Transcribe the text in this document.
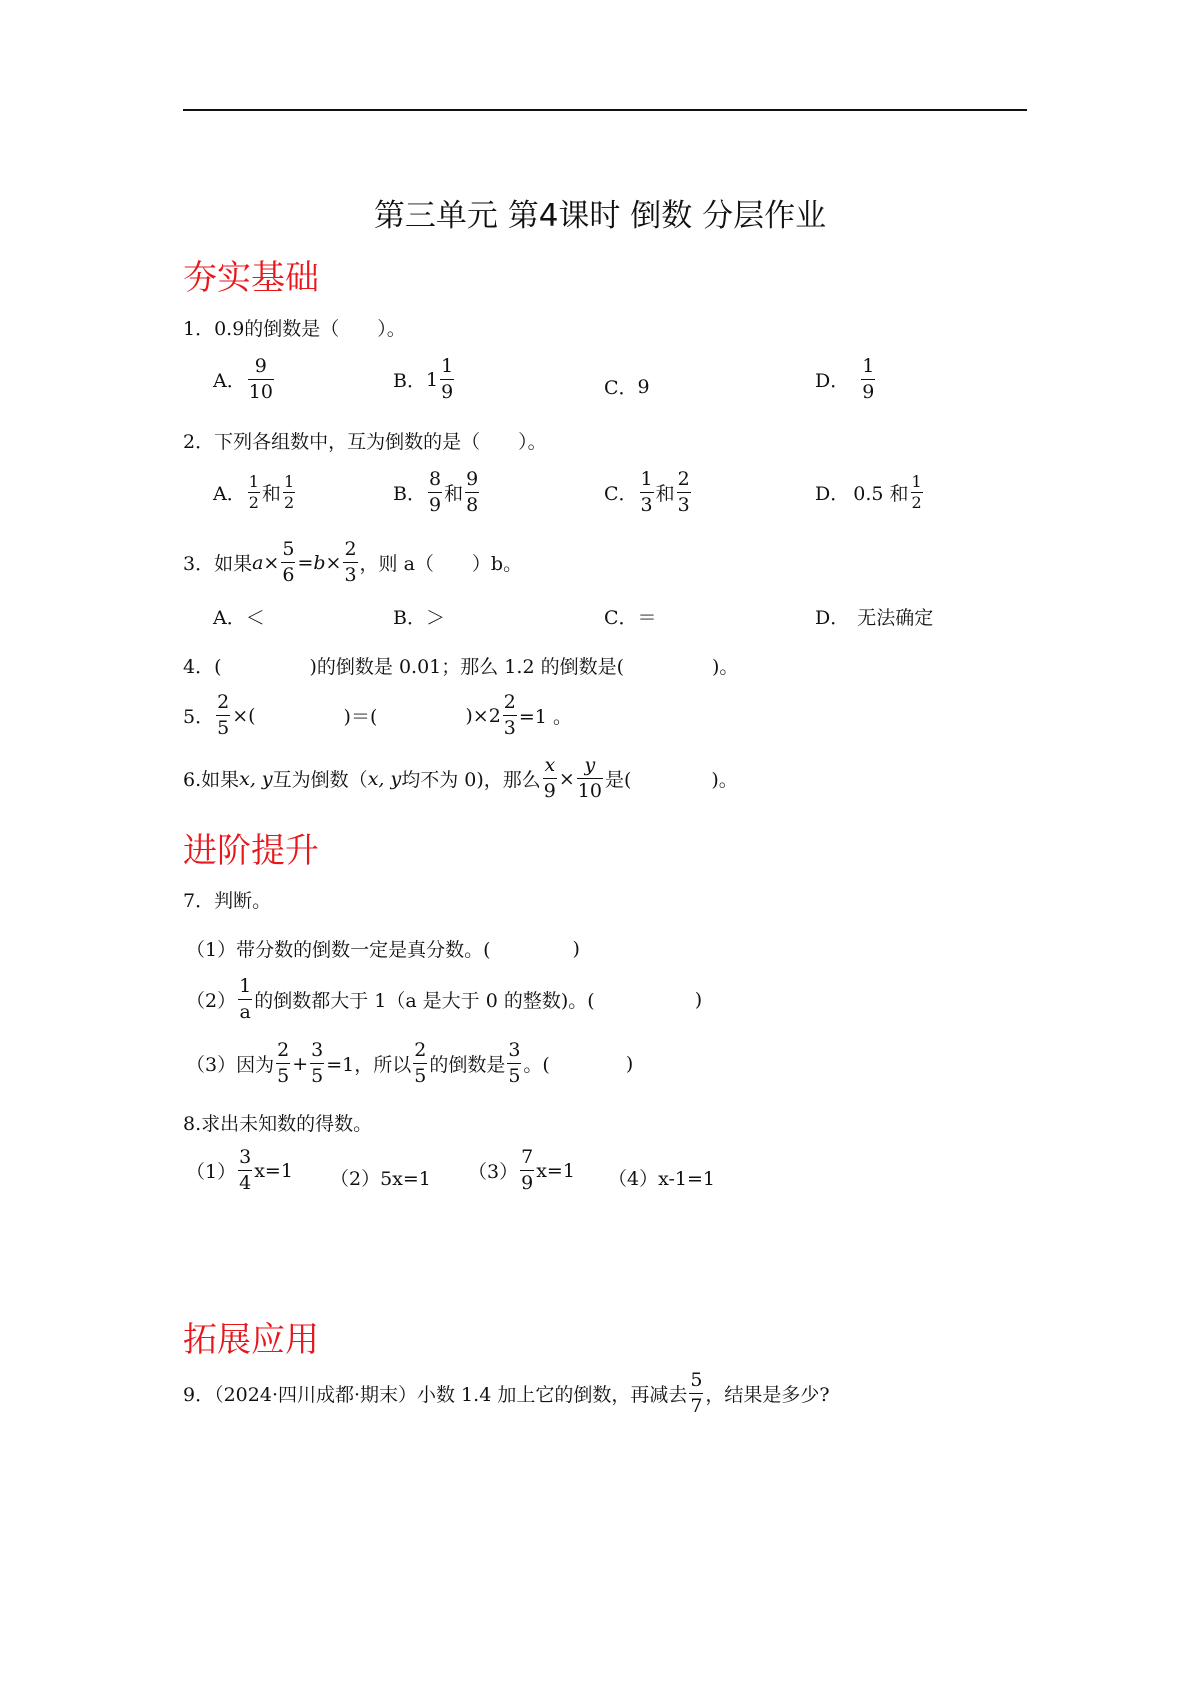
第三单元 第4课时 倒数 分层作业
夯实基础
1．0.9的倒数是（　　）。
A． $\frac{9}{10}$	B． $1 \frac{1}{9}$	C． 9	D． $\frac{1}{9}$
2．下列各组数中，互为倒数的是（　　）。
A． $\frac{1}{2}$ 和 $\frac{1}{2}$	B． $\frac{8}{9}$ 和 $\frac{9}{8}$	C． $\frac{1}{3}$ 和 $\frac{2}{3}$	D． 0.5 和 $\frac{1}{2}$
3．如果 $a \times \frac{5}{6} = b \times \frac{2}{3}$ ，则 a（　　）b。
A． ＜	B． ＞	C． ＝	D． 无法确定
4．(	)的倒数是 0.01；那么 1.2 的倒数是(	)。
5． $\frac{2}{5}$ ×(	)＝(	)× $2 \frac{2}{3} =1$ 。
6.如果 x, y 互为倒数（ x, y 均不为 0)，那么 $\frac{x}{9} \times \frac{y}{10}$ 是(	)。
进阶提升
7．判断。
（1）带分数的倒数一定是真分数。(	)
$(2) \frac{1}{a}$ 的倒数都大于 1（a 是大于 0 的整数)。(	)
（3）因为 $\frac{2}{5} + \frac{3}{5} =1$，所以 $\frac{2}{5}$ 的倒数是 $\frac{3}{5}$ 。(	)
8.求出未知数的得数。
$(1) \frac{3}{4} x=1$ （2）5x=1 $(3) \frac{7}{9} x=1$ （4）x-1=1
拓展应用
9．（2024·四川成都·期末）小数 1.4 加上它的倒数，再减去 $\frac{5}{7}$ ，结果是多少?
